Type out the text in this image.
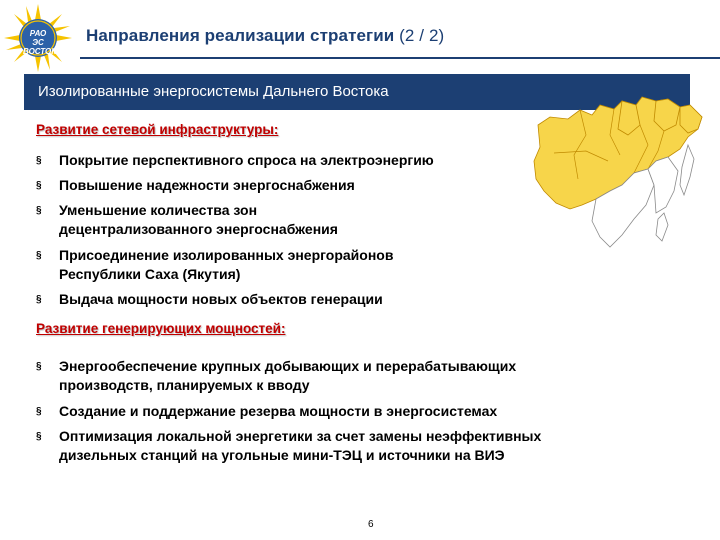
РАО ЭС ВОСТОКА
Направления реализации стратегии (2 / 2)
Изолированные энергосистемы Дальнего Востока
Развитие сетевой инфраструктуры:
§	Покрытие перспективного спроса на электроэнергию
§	Повышение надежности энергоснабжения
§	Уменьшение количества зон
децентрализованного энергоснабжения
§	Присоединение изолированных энергорайонов
Республики Саха (Якутия)
§	Выдача мощности новых объектов генерации
Развитие генерирующих мощностей:
§	Энергообеспечение крупных добывающих и перерабатывающих
производств, планируемых к вводу
§	Создание и поддержание резерва мощности в энергосистемах
§	Оптимизация локальной энергетики за счет замены неэффективных
дизельных станций на угольные мини-ТЭЦ и источники на ВИЭ
6
